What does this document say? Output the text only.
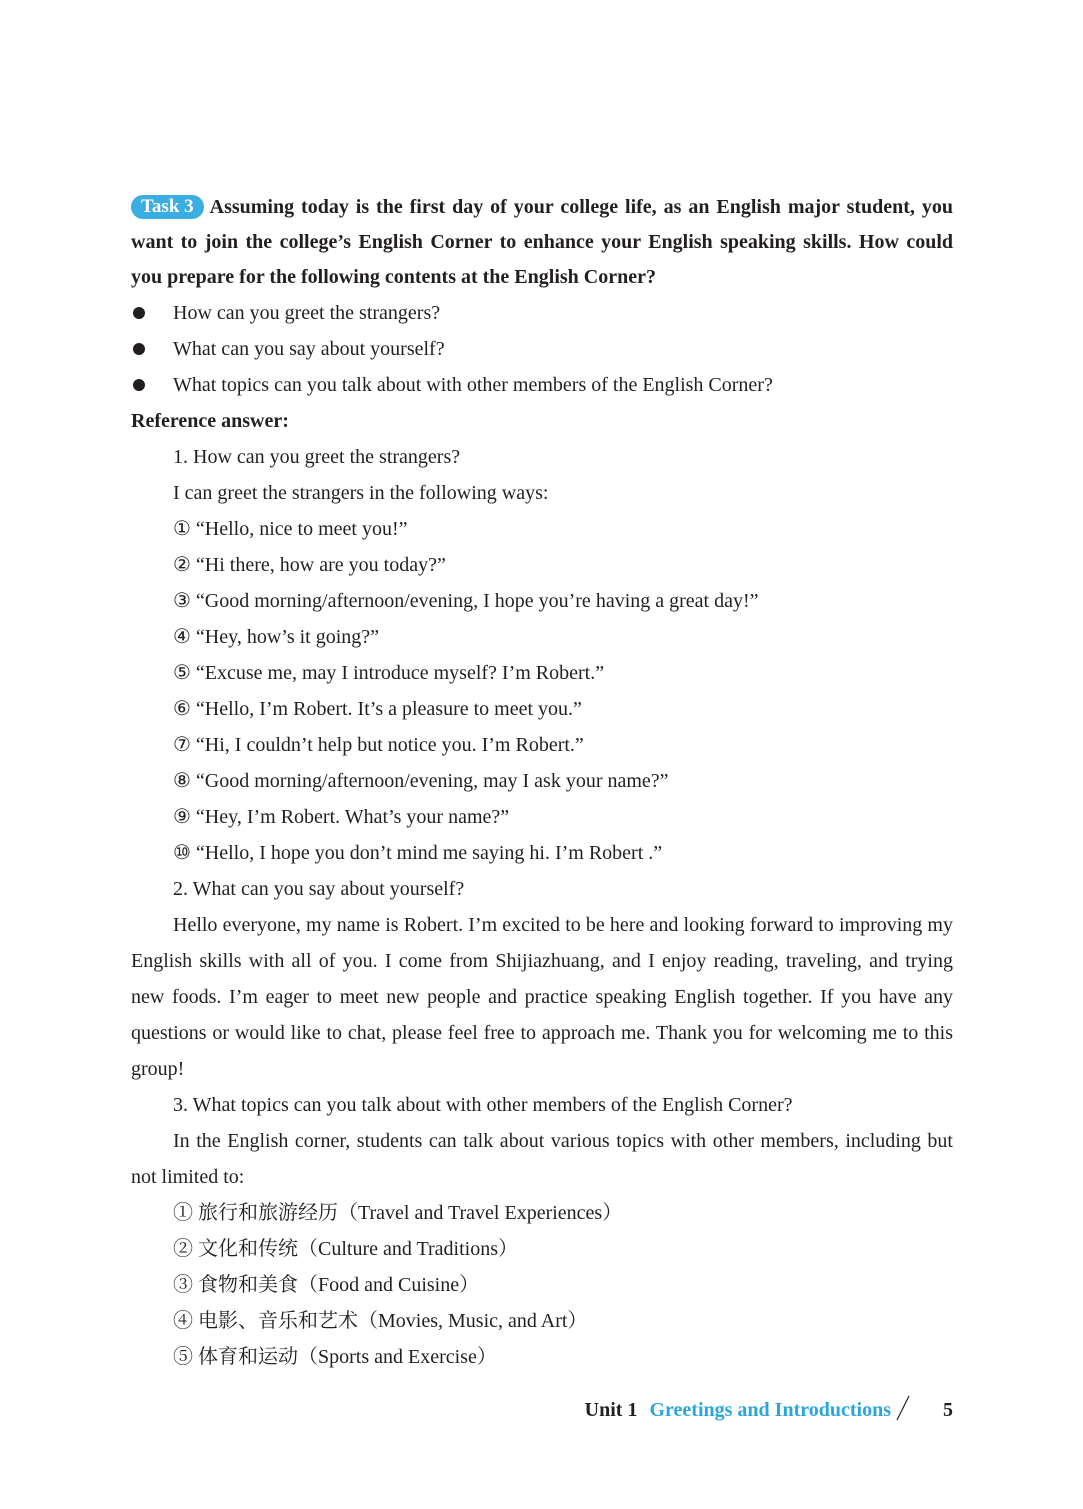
Task 3 Assuming today is the first day of your college life, as an English major student, you want to join the college’s English Corner to enhance your English speaking skills. How could you prepare for the following contents at the English Corner?

How can you greet the strangers?

What can you say about yourself?

What topics can you talk about with other members of the English Corner?

Reference answer:

1. How can you greet the strangers?

I can greet the strangers in the following ways:

① “Hello, nice to meet you!”

② “Hi there, how are you today?”

③ “Good morning/afternoon/evening, I hope you’re having a great day!”

④ “Hey, how’s it going?”

⑤ “Excuse me, may I introduce myself? I’m Robert.”

⑥ “Hello, I’m Robert. It’s a pleasure to meet you.”

⑦ “Hi, I couldn’t help but notice you. I’m Robert.”

⑧ “Good morning/afternoon/evening, may I ask your name?”

⑨ “Hey, I’m Robert. What’s your name?”

⑩ “Hello, I hope you don’t mind me saying hi. I’m Robert .”

2. What can you say about yourself?

Hello everyone, my name is Robert. I’m excited to be here and looking forward to improving my English skills with all of you. I come from Shijiazhuang, and I enjoy reading, traveling, and trying new foods. I’m eager to meet new people and practice speaking English together. If you have any questions or would like to chat, please feel free to approach me. Thank you for welcoming me to this group!

3. What topics can you talk about with other members of the English Corner?

In the English corner, students can talk about various topics with other members, including but not limited to:

① 旅行和旅游经历（Travel and Travel Experiences）

② 文化和传统（Culture and Traditions）

③ 食物和美食（Food and Cuisine）

④ 电影、音乐和艺术（Movies, Music, and Art）

⑤ 体育和运动（Sports and Exercise）

Unit 1 Greetings and Introductions	5
